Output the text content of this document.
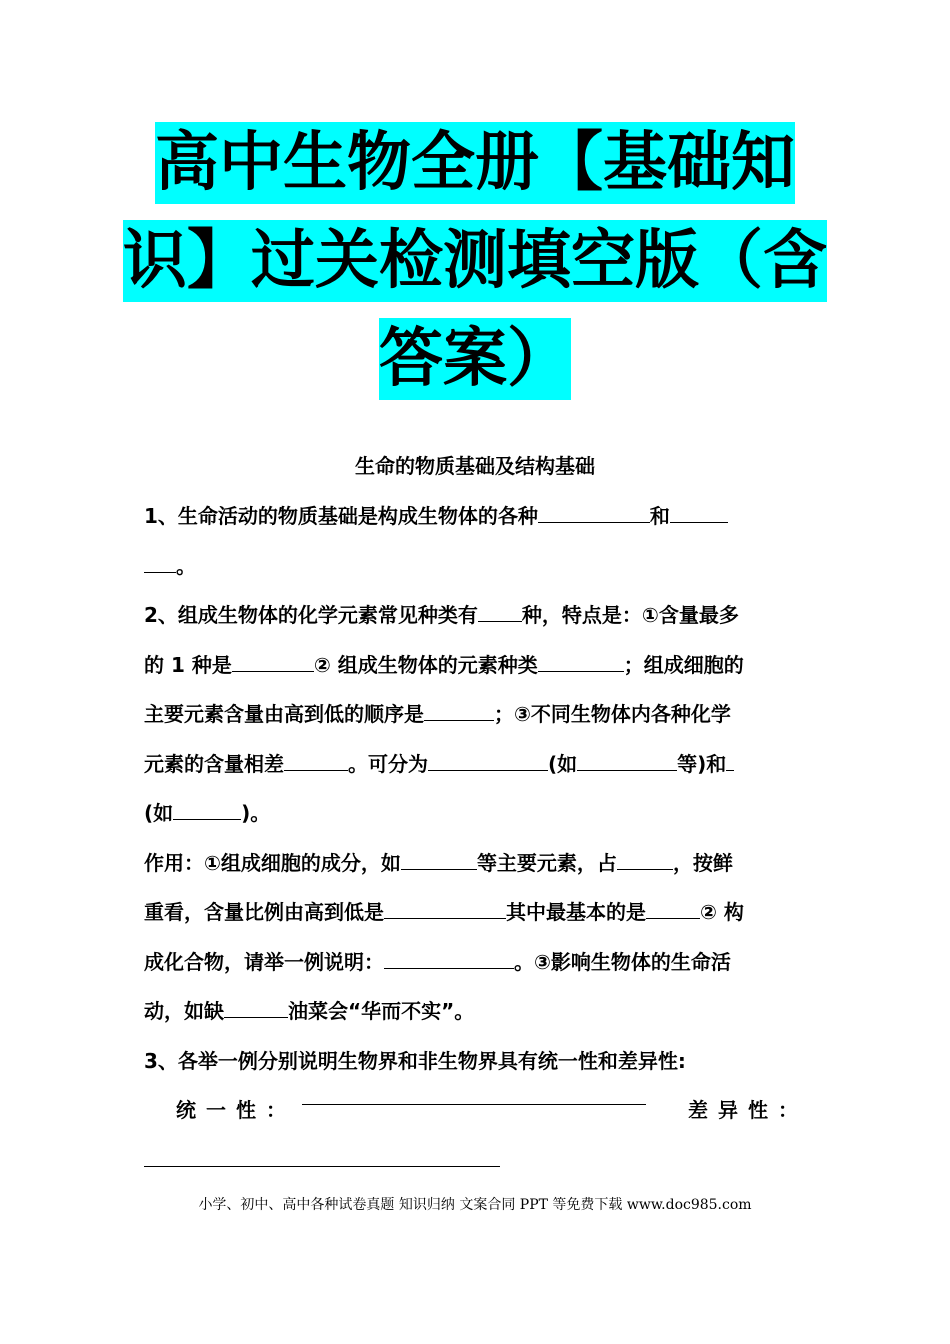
高中生物全册【基础知
识】过关检测填空版（含
答案）
生命的物质基础及结构基础

1、生命活动的物质基础是构成生物体的各种	和

。

2、组成生物体的化学元素常见种类有 种，特点是：①含量最多

的 1 种是	② 组成生物体的元素种类	；组成细胞的

主要元素含量由高到低的顺序是	；③不同生物体内各种化学

元素的含量相差	。可分为	(如	等)和

(如	)。

作用：①组成细胞的成分，如	等主要元素，占	，按鲜

重看，含量比例由高到低是	其中最基本的是	② 构

成化合物，请举一例说明：	。③影响生物体的生命活

动，如缺	油菜会“华而不实”。

3、各举一例分别说明生物界和非生物界具有统一性和差异性:

统一性：	差异性：

小学、初中、高中各种试卷真题 知识归纳 文案合同 PPT 等免费下载 www.doc985.com
